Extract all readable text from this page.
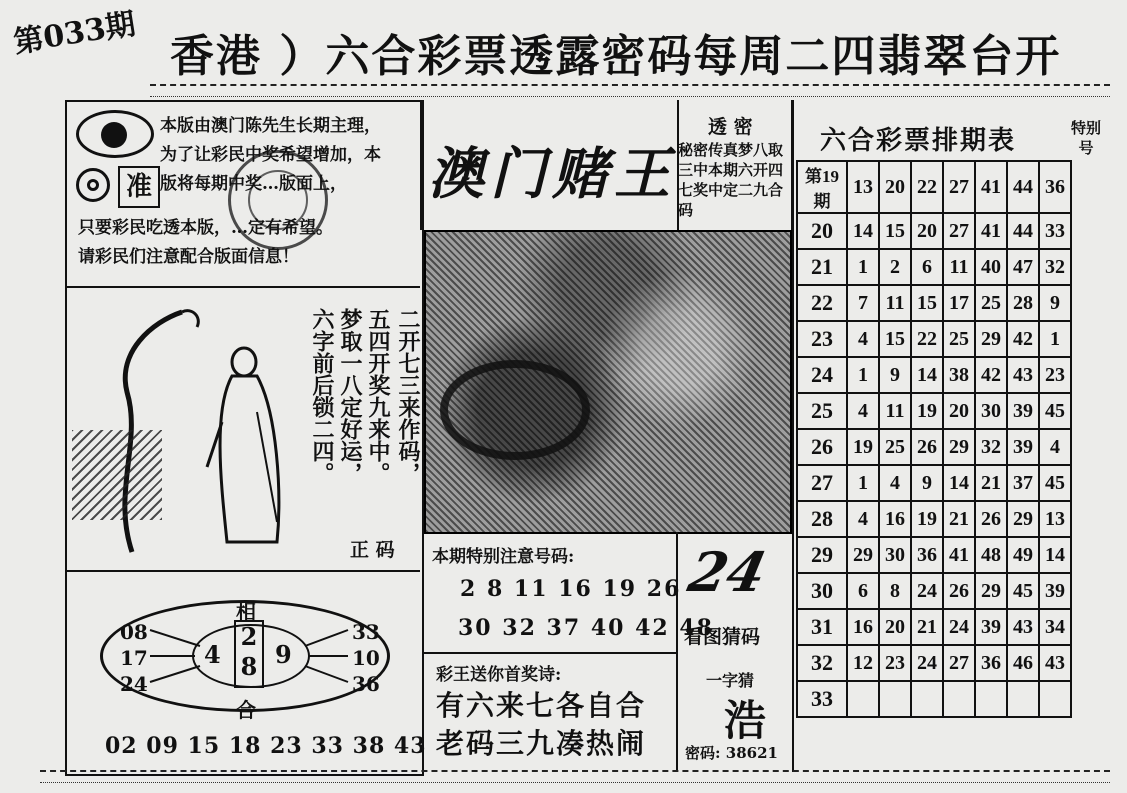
第033期 香港 ）六合彩票透露密码每周二四翡翠台开
准
本版由澳门陈先生长期主理，
为了让彩民中奖希望增加，本
版将每期中奖…版面上，
只要彩民吃透本版，…定有希望。
请彩民们注意配合版面信息！
二开七三来作码，
五四开奖九来中。
梦取一八定好运，
六字前后锁二四。
正 码
相
合
08
17
24
33
10
36
4 9
2
8
02 09 15 18 23 33 38 43
澳门赌王
透 密
秘密传真梦八取三中本期六开四七奖中定二九合码
本期特别注意号码:
2 8 11 16 19 26
30 32 37 40 42 48
24
看图猜码
彩王送你首奖诗:
有六来七各自合
老码三九凑热闹
一字猜
浩
密码: 38621
六合彩票排期表	特别号
第19期	13	20	22	27	41	44	36
20	14	15	20	27	41	44	33
21	1	2	6	11	40	47	32
22	7	11	15	17	25	28	9
23	4	15	22	25	29	42	1
24	1	9	14	38	42	43	23
25	4	11	19	20	30	39	45
26	19	25	26	29	32	39	4
27	1	4	9	14	21	37	45
28	4	16	19	21	26	29	13
29	29	30	36	41	48	49	14
30	6	8	24	26	29	45	39
31	16	20	21	24	39	43	34
32	12	23	24	27	36	46	43
33							
